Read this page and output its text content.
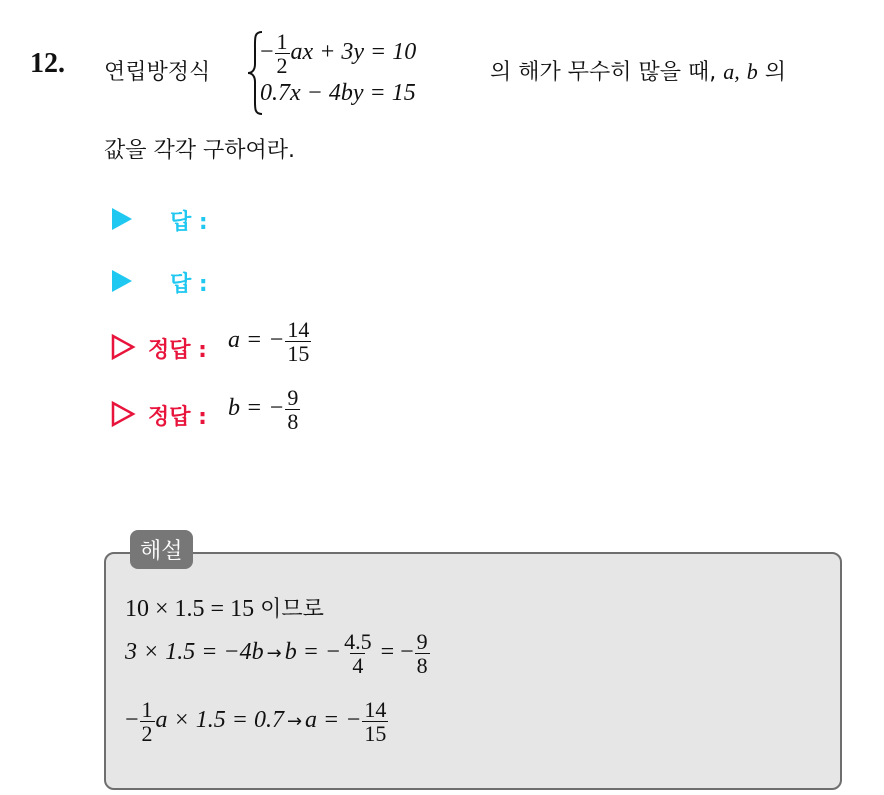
12. 연립방정식
− $\frac{1}{2}$ ax + 3y = 10
0.7x − 4by = 15
의 해가 무수히 많을 때, a, b 의
값을 각각 구하여라.
답 :
답 :
정답 : a = − $\frac{14}{15}$
정답 : b = − $\frac{9}{8}$
해설
10 × 1.5 = 15 이므로
3 × 1.5 = −4b → b = − $\frac{4.5}{4}$ = − $\frac{9}{8}$
− $\frac{1}{2}$ a × 1.5 = 0.7 → a = − $\frac{14}{15}$
